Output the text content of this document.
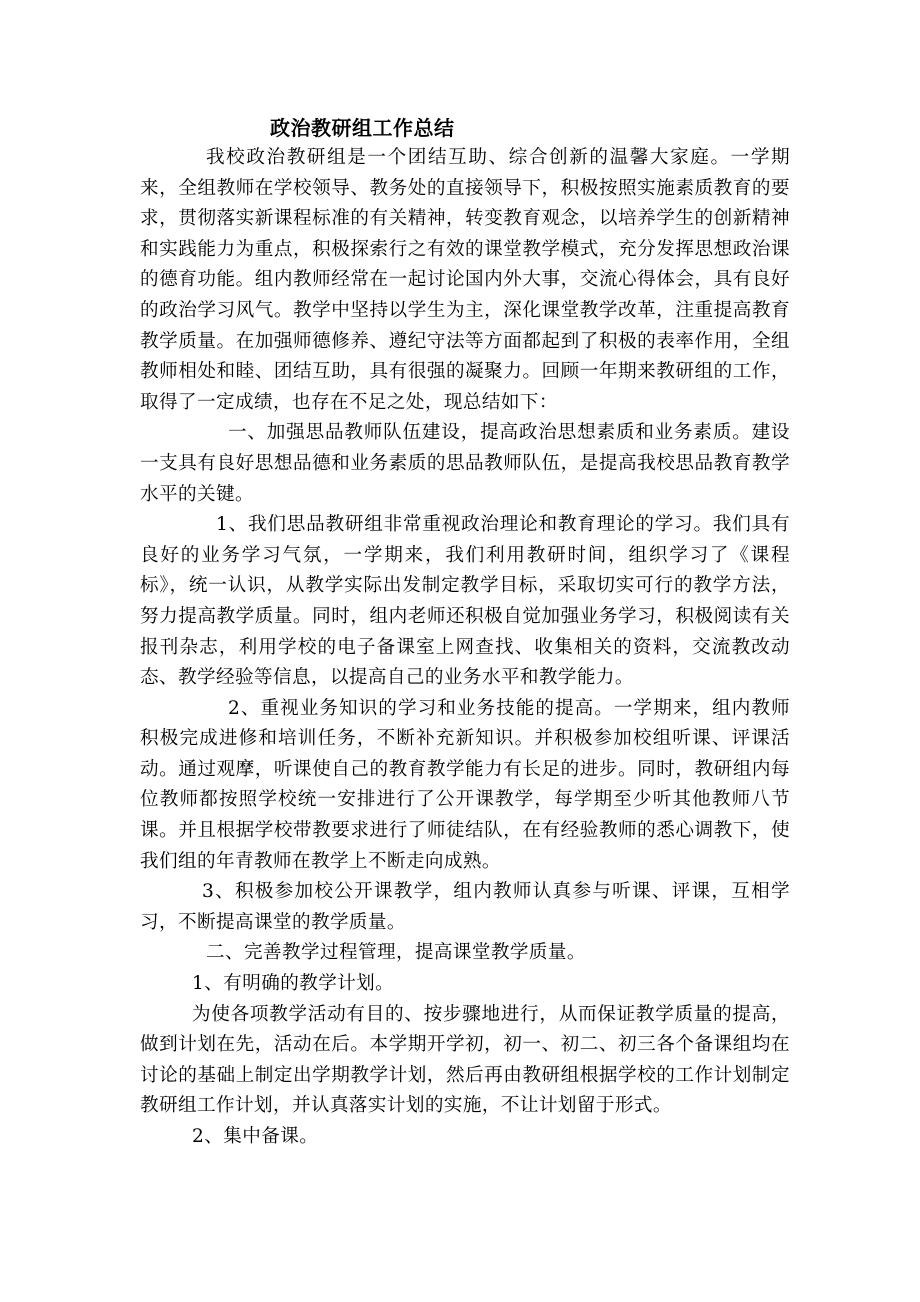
政治教研组工作总结

我校政治教研组是一个团结互助、综合创新的温馨大家庭。一学期来，全组教师在学校领导、教务处的直接领导下，积极按照实施素质教育的要求，贯彻落实新课程标准的有关精神，转变教育观念，以培养学生的创新精神和实践能力为重点，积极探索行之有效的课堂教学模式，充分发挥思想政治课的德育功能。组内教师经常在一起讨论国内外大事，交流心得体会，具有良好的政治学习风气。教学中坚持以学生为主，深化课堂教学改革，注重提高教育教学质量。在加强师德修养、遵纪守法等方面都起到了积极的表率作用，全组教师相处和睦、团结互助，具有很强的凝聚力。回顾一年期来教研组的工作，取得了一定成绩，也存在不足之处，现总结如下：

一、加强思品教师队伍建设，提高政治思想素质和业务素质。建设一支具有良好思想品德和业务素质的思品教师队伍，是提高我校思品教育教学水平的关键。

1、我们思品教研组非常重视政治理论和教育理论的学习。我们具有良好的业务学习气氛，一学期来，我们利用教研时间，组织学习了《课程标》，统一认识，从教学实际出发制定教学目标，采取切实可行的教学方法，努力提高教学质量。同时，组内老师还积极自觉加强业务学习，积极阅读有关报刊杂志，利用学校的电子备课室上网查找、收集相关的资料，交流教改动态、教学经验等信息，以提高自己的业务水平和教学能力。

2、重视业务知识的学习和业务技能的提高。一学期来，组内教师积极完成进修和培训任务，不断补充新知识。并积极参加校组听课、评课活动。通过观摩，听课使自己的教育教学能力有长足的进步。同时，教研组内每位教师都按照学校统一安排进行了公开课教学，每学期至少听其他教师八节课。并且根据学校带教要求进行了师徒结队，在有经验教师的悉心调教下，使我们组的年青教师在教学上不断走向成熟。

3、积极参加校公开课教学，组内教师认真参与听课、评课，互相学习，不断提高课堂的教学质量。

二、完善教学过程管理，提高课堂教学质量。

1、有明确的教学计划。

为使各项教学活动有目的、按步骤地进行，从而保证教学质量的提高，做到计划在先，活动在后。本学期开学初，初一、初二、初三各个备课组均在讨论的基础上制定出学期教学计划，然后再由教研组根据学校的工作计划制定教研组工作计划，并认真落实计划的实施，不让计划留于形式。

2、集中备课。
